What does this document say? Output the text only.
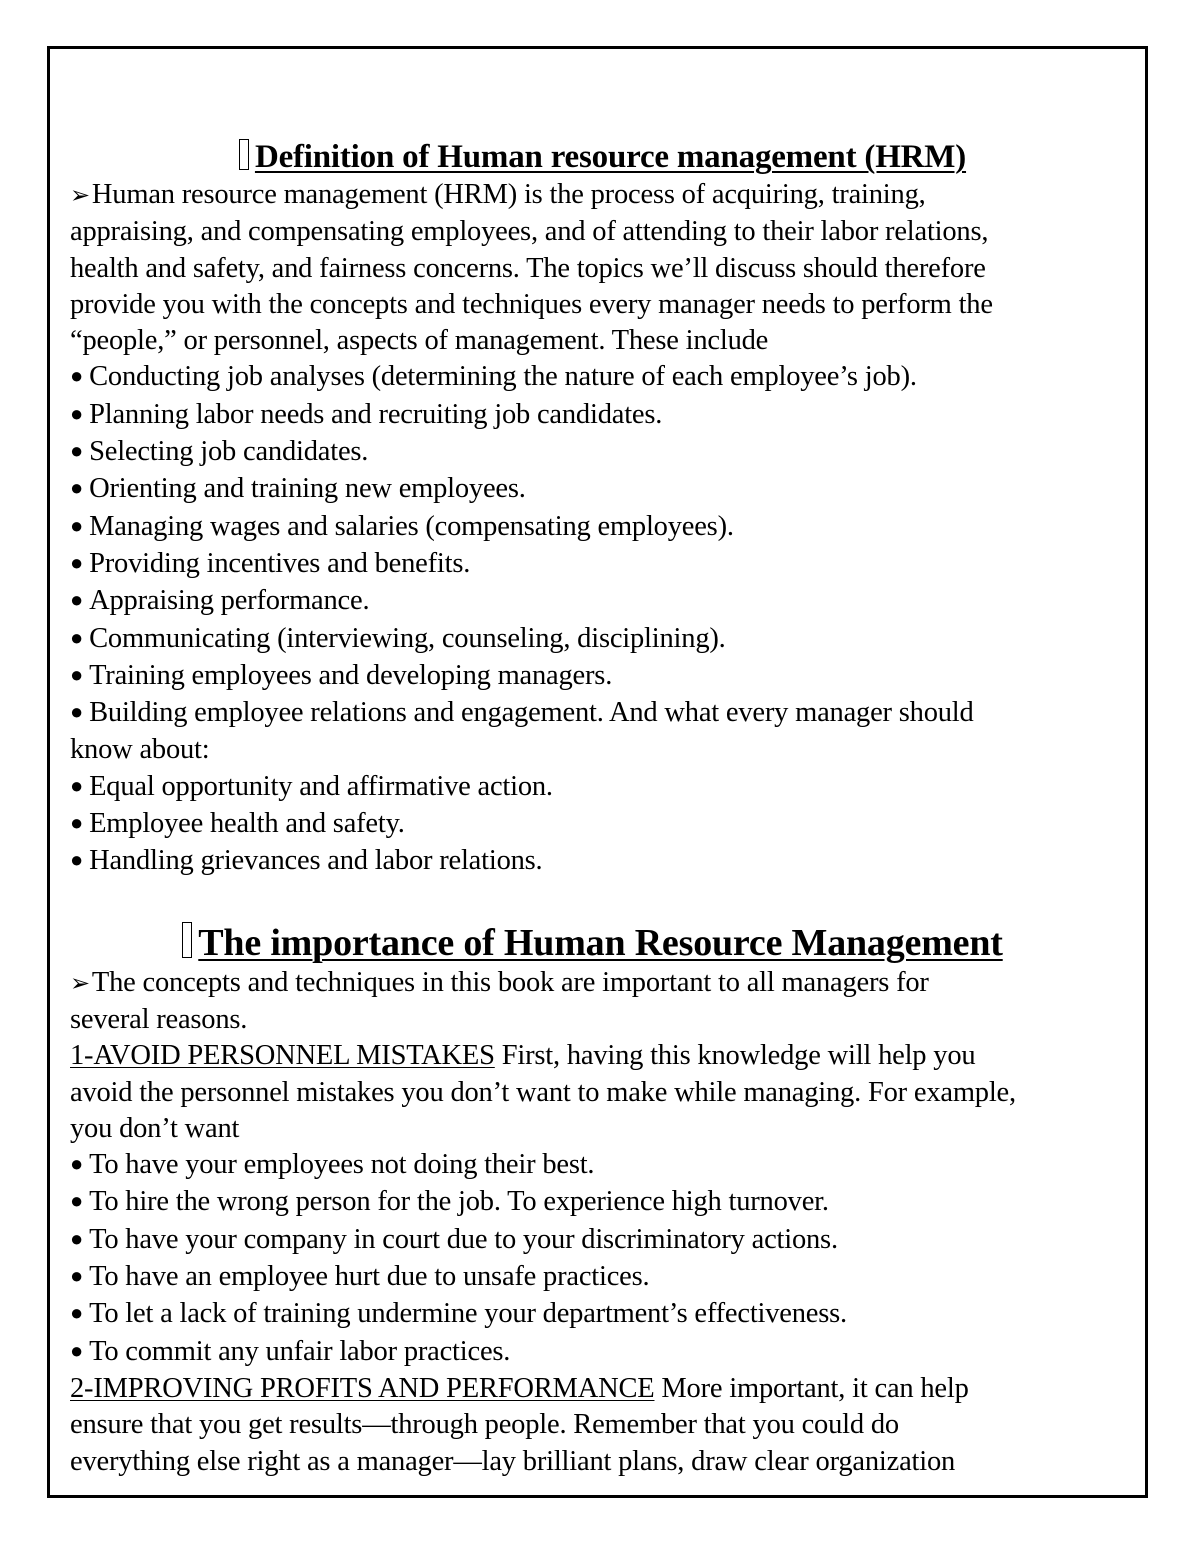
Definition of Human resource management (HRM)

➢Human resource management (HRM) is the process of acquiring, training,
appraising, and compensating employees, and of attending to their labor relations,
health and safety, and fairness concerns. The topics we’ll discuss should therefore
provide you with the concepts and techniques every manager needs to perform the
“people,” or personnel, aspects of management. These include

● Conducting job analyses (determining the nature of each employee’s job).
● Planning labor needs and recruiting job candidates.
● Selecting job candidates.
● Orienting and training new employees.
● Managing wages and salaries (compensating employees).
● Providing incentives and benefits.
● Appraising performance.
● Communicating (interviewing, counseling, disciplining).
● Training employees and developing managers.
● Building employee relations and engagement. And what every manager should
know about:
● Equal opportunity and affirmative action.
● Employee health and safety.
● Handling grievances and labor relations.
The importance of Human Resource Management

➢The concepts and techniques in this book are important to all managers for
several reasons.
1-AVOID PERSONNEL MISTAKES First, having this knowledge will help you
avoid the personnel mistakes you don’t want to make while managing. For example,
you don’t want

● To have your employees not doing their best.
● To hire the wrong person for the job. To experience high turnover.
● To have your company in court due to your discriminatory actions.
● To have an employee hurt due to unsafe practices.
● To let a lack of training undermine your department’s effectiveness.
● To commit any unfair labor practices.

2-IMPROVING PROFITS AND PERFORMANCE More important, it can help
ensure that you get results—through people. Remember that you could do
everything else right as a manager—lay brilliant plans, draw clear organization
